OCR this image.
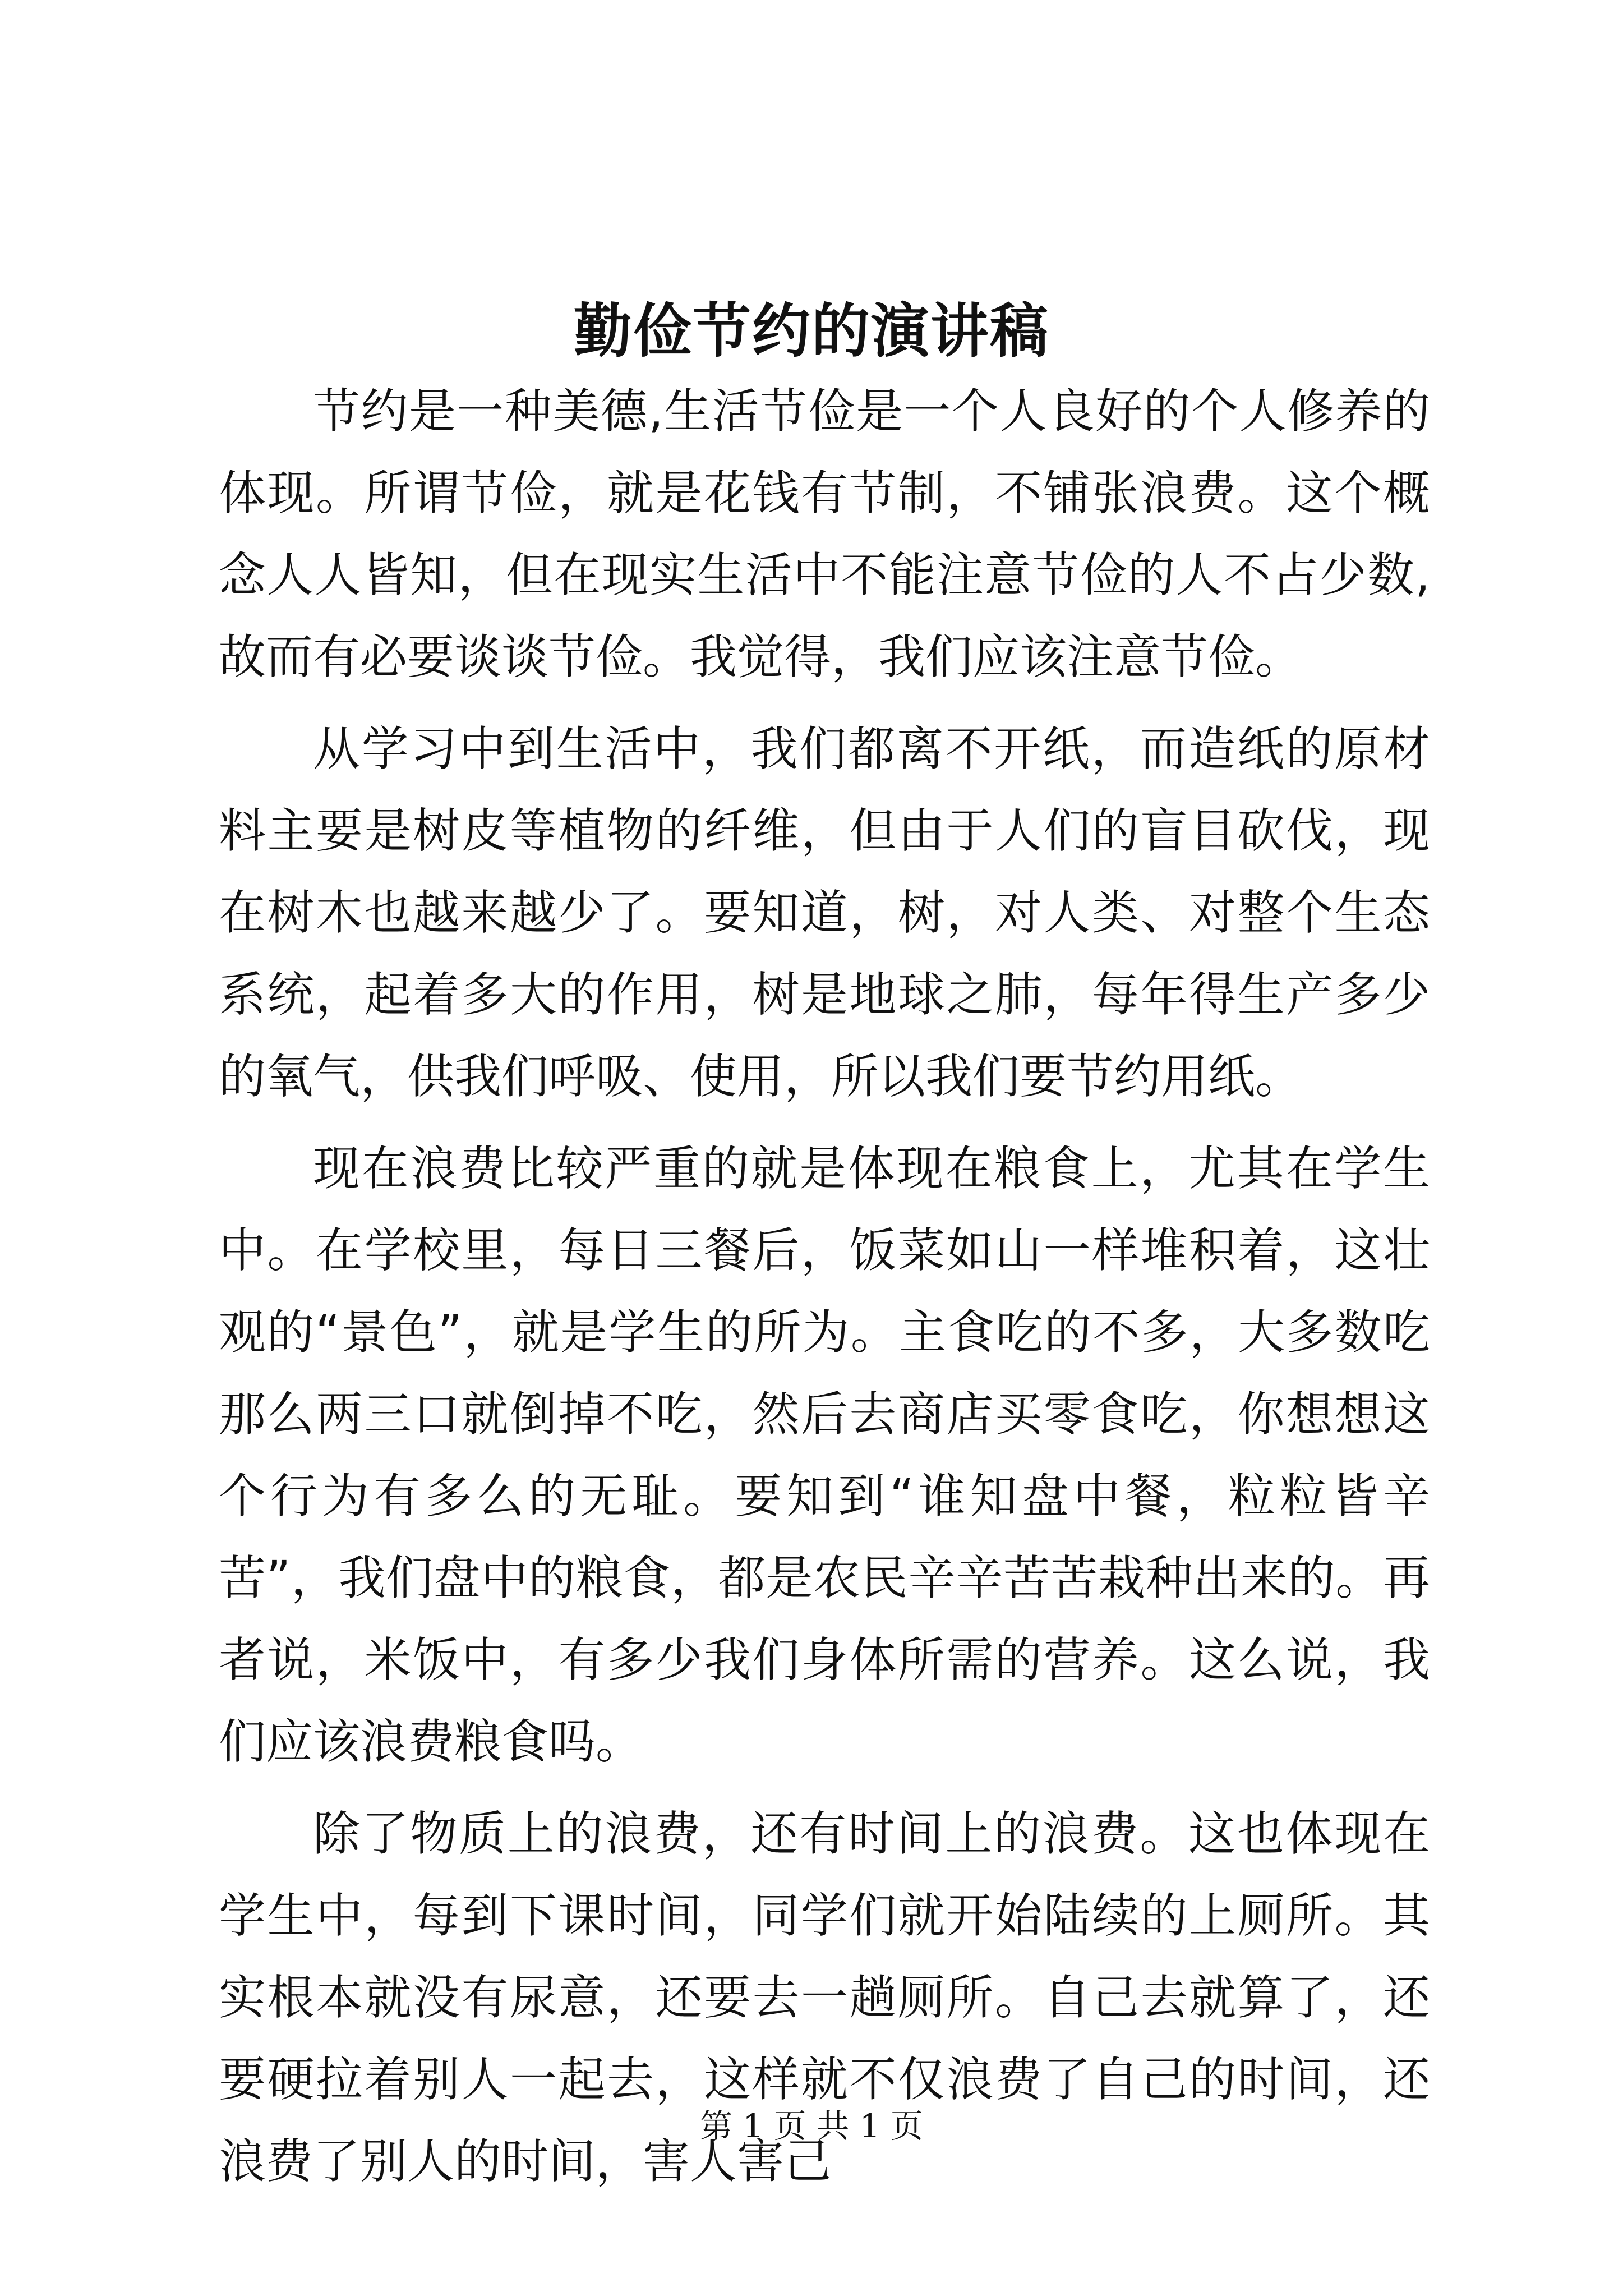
勤俭节约的演讲稿

节约是一种美德,生活节俭是一个人良好的个人修养的体现。所谓节俭，就是花钱有节制，不铺张浪费。这个概念人人皆知，但在现实生活中不能注意节俭的人不占少数,故而有必要谈谈节俭。我觉得，我们应该注意节俭。

从学习中到生活中，我们都离不开纸，而造纸的原材料主要是树皮等植物的纤维，但由于人们的盲目砍伐，现在树木也越来越少了。要知道，树，对人类、对整个生态系统，起着多大的作用，树是地球之肺，每年得生产多少的氧气，供我们呼吸、使用，所以我们要节约用纸。

现在浪费比较严重的就是体现在粮食上，尤其在学生中。在学校里，每日三餐后，饭菜如山一样堆积着，这壮观的“景色”，就是学生的所为。主食吃的不多，大多数吃那么两三口就倒掉不吃，然后去商店买零食吃，你想想这个行为有多么的无耻。要知到“谁知盘中餐，粒粒皆辛苦”，我们盘中的粮食，都是农民辛辛苦苦栽种出来的。再者说，米饭中，有多少我们身体所需的营养。这么说，我们应该浪费粮食吗。

除了物质上的浪费，还有时间上的浪费。这也体现在学生中，每到下课时间，同学们就开始陆续的上厕所。其实根本就没有尿意，还要去一趟厕所。自己去就算了，还要硬拉着别人一起去，这样就不仅浪费了自己的时间，还浪费了别人的时间，害人害己

第 1 页 共 1 页
